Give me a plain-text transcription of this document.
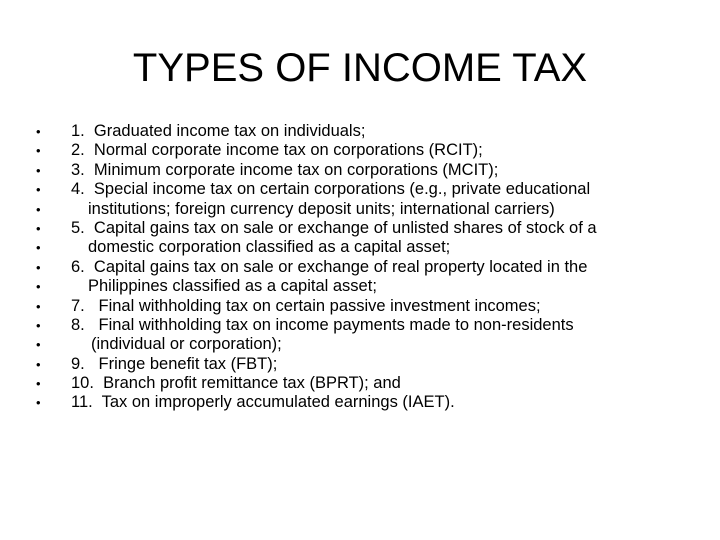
TYPES OF INCOME TAX
•	1.  Graduated income tax on individuals;
•	2.  Normal corporate income tax on corporations (RCIT);
•	3.  Minimum corporate income tax on corporations (MCIT);
•	4.  Special income tax on certain corporations (e.g., private educational
•	institutions; foreign currency deposit units; international carriers)
•	5.  Capital gains tax on sale or exchange of unlisted shares of stock of a
•	domestic corporation classified as a capital asset;
•	6.  Capital gains tax on sale or exchange of real property located in the
•	Philippines classified as a capital asset;
•	7.   Final withholding tax on certain passive investment incomes;
•	8.   Final withholding tax on income payments made to non-residents
•	(individual or corporation);
•	9.   Fringe benefit tax (FBT);
•	10.  Branch profit remittance tax (BPRT); and
•	11.  Tax on improperly accumulated earnings (IAET).
